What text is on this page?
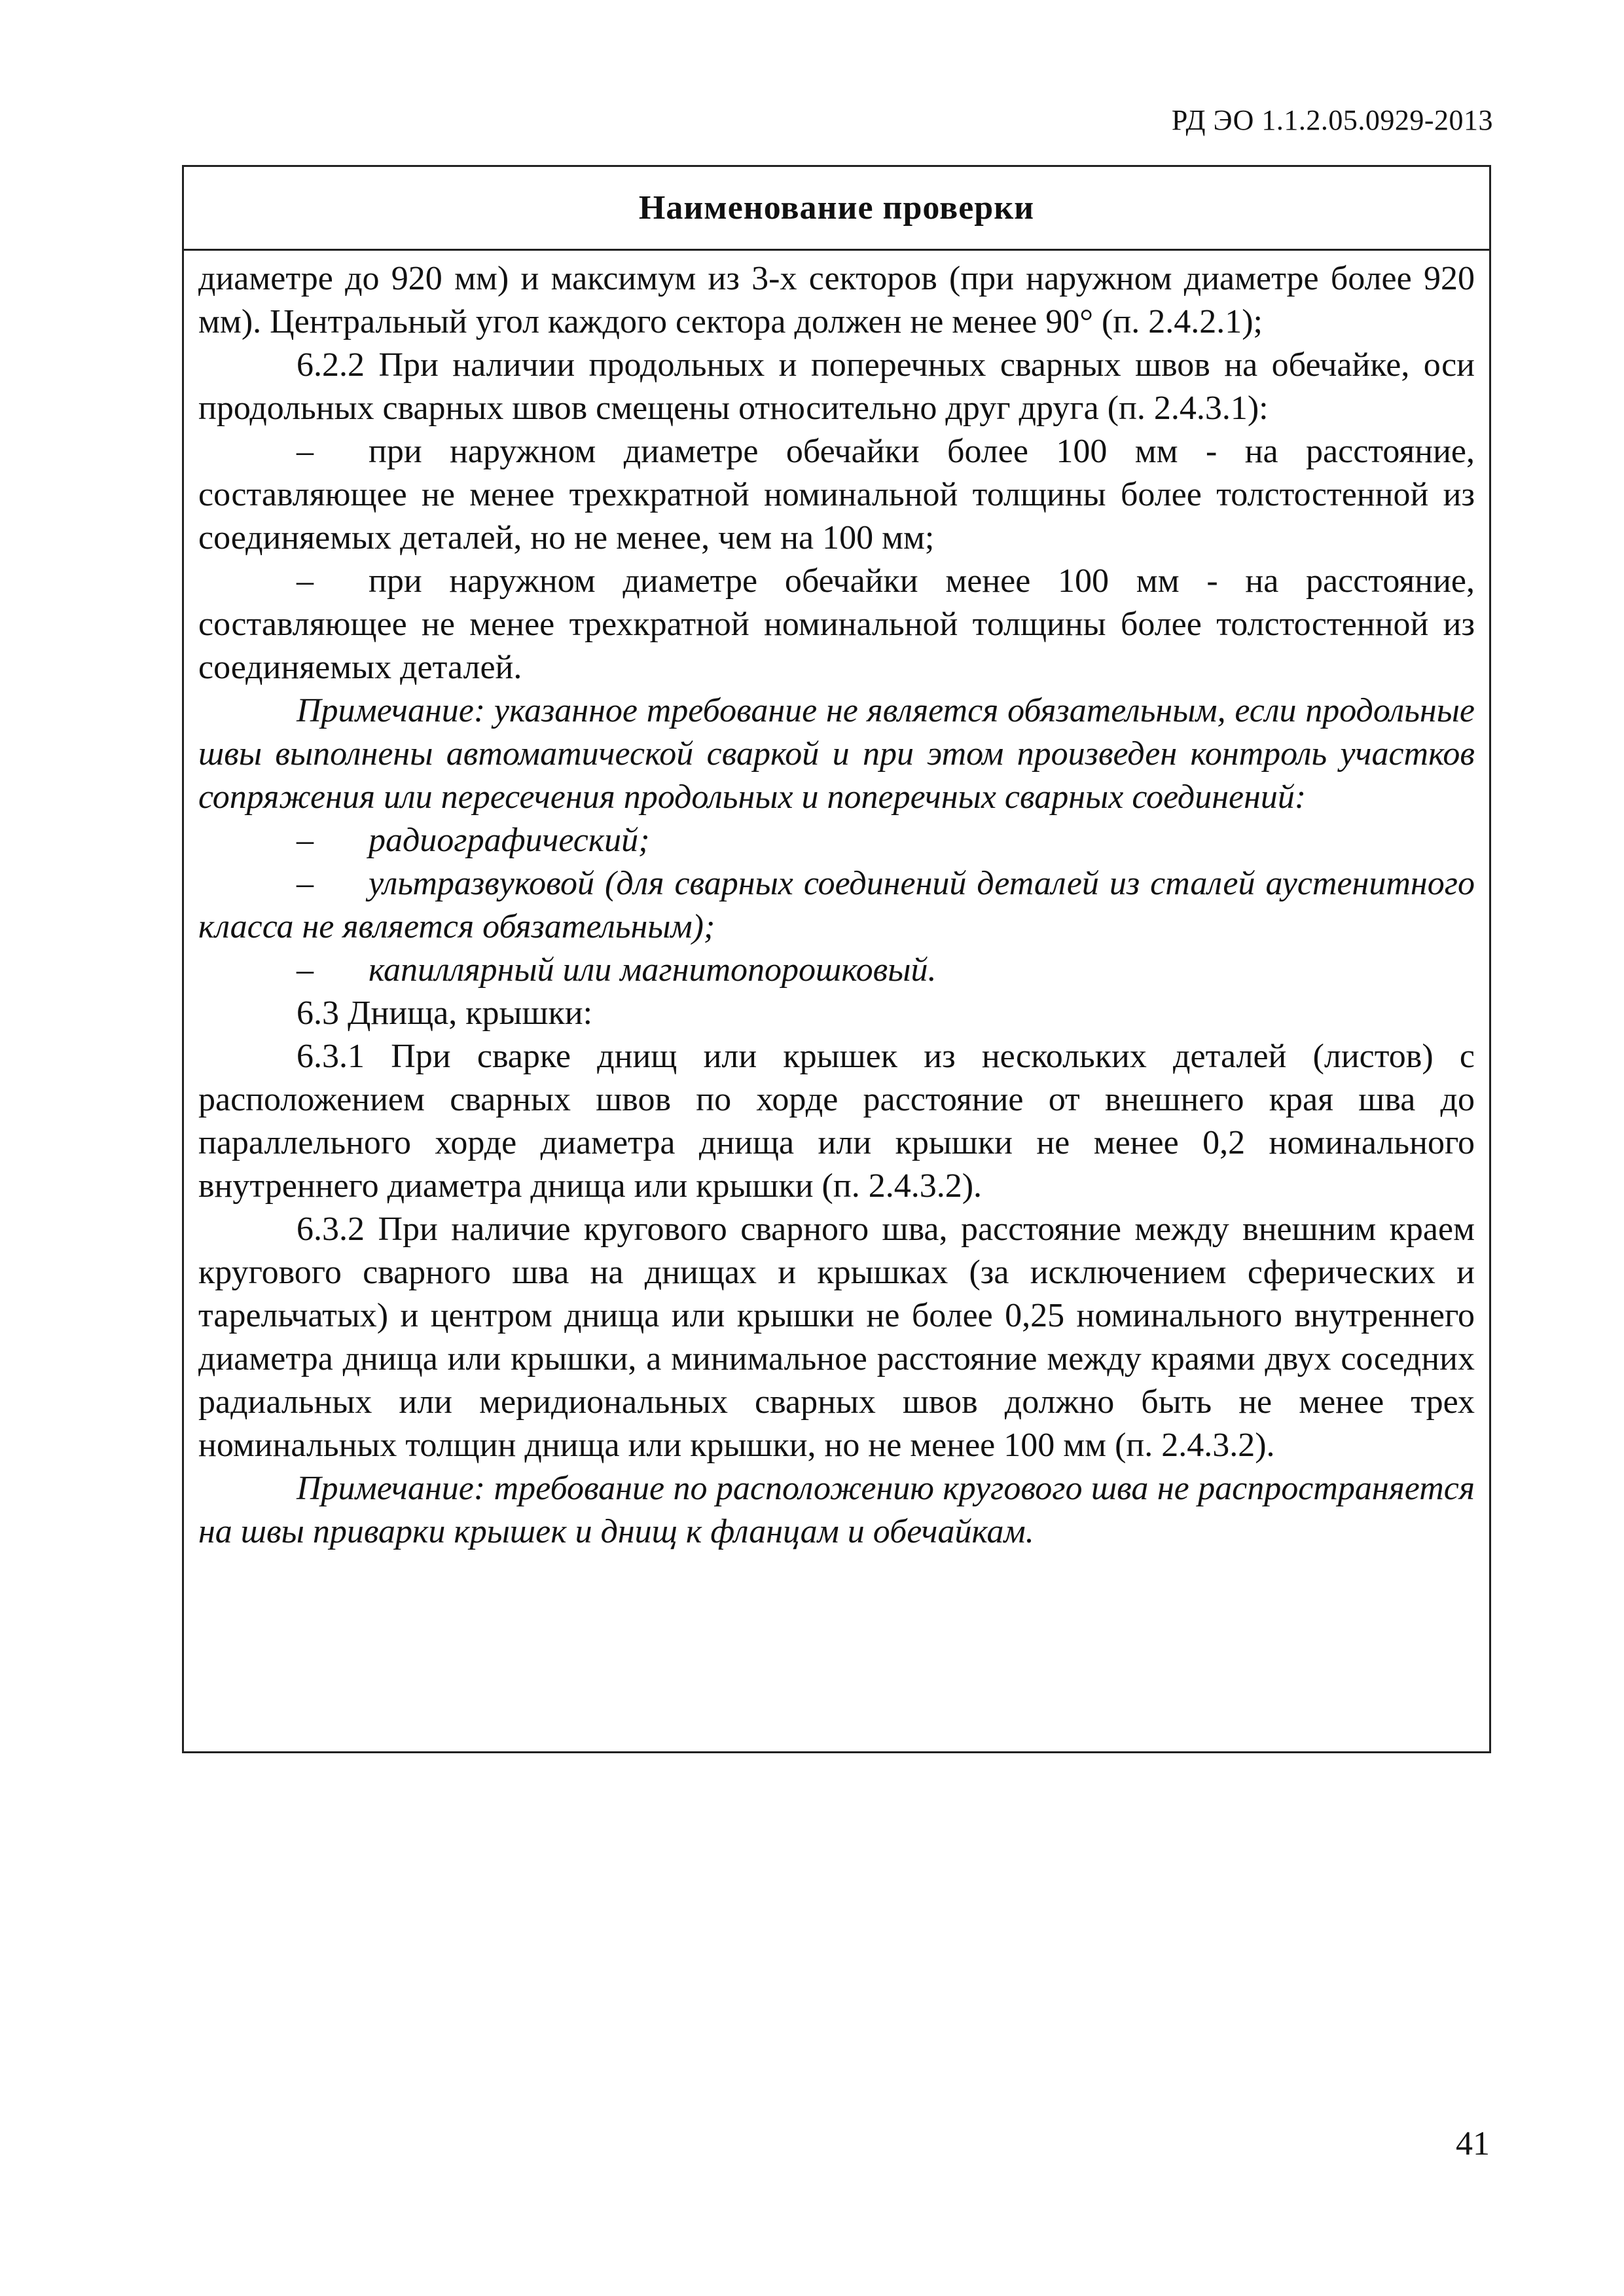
РД ЭО 1.1.2.05.0929-2013
Наименование проверки

диаметре до 920 мм) и максимум из 3-х секторов (при наружном диаметре более 920 мм). Центральный угол каждого сектора должен не менее 90° (п. 2.4.2.1);

6.2.2 При наличии продольных и поперечных сварных швов на обечайке, оси продольных сварных швов смещены относительно друг друга (п. 2.4.3.1):

– при наружном диаметре обечайки более 100 мм - на расстояние, составляющее не менее трехкратной номинальной толщины более толстостенной из соединяемых деталей, но не менее, чем на 100 мм;

– при наружном диаметре обечайки менее 100 мм - на расстояние, составляющее не менее трехкратной номинальной толщины более толстостенной из соединяемых деталей.

Примечание: указанное требование не является обязательным, если продольные швы выполнены автоматической сваркой и при этом произведен контроль участков сопряжения или пересечения продольных и поперечных сварных соединений:

– радиографический;

– ультразвуковой (для сварных соединений деталей из сталей аустенитного класса не является обязательным);

– капиллярный или магнитопорошковый.

6.3 Днища, крышки:

6.3.1 При сварке днищ или крышек из нескольких деталей (листов) с расположением сварных швов по хорде расстояние от внешнего края шва до параллельного хорде диаметра днища или крышки не менее 0,2 номинального внутреннего диаметра днища или крышки (п. 2.4.3.2).

6.3.2 При наличие кругового сварного шва, расстояние между внешним краем кругового сварного шва на днищах и крышках (за исключением сферических и тарельчатых) и центром днища или крышки не более 0,25 номинального внутреннего диаметра днища или крышки, а минимальное расстояние между краями двух соседних радиальных или меридиональных сварных швов должно быть не менее трех номинальных толщин днища или крышки, но не менее 100 мм (п. 2.4.3.2).

Примечание: требование по расположению кругового шва не распространяется на швы приварки крышек и днищ к фланцам и обечайкам.

41
